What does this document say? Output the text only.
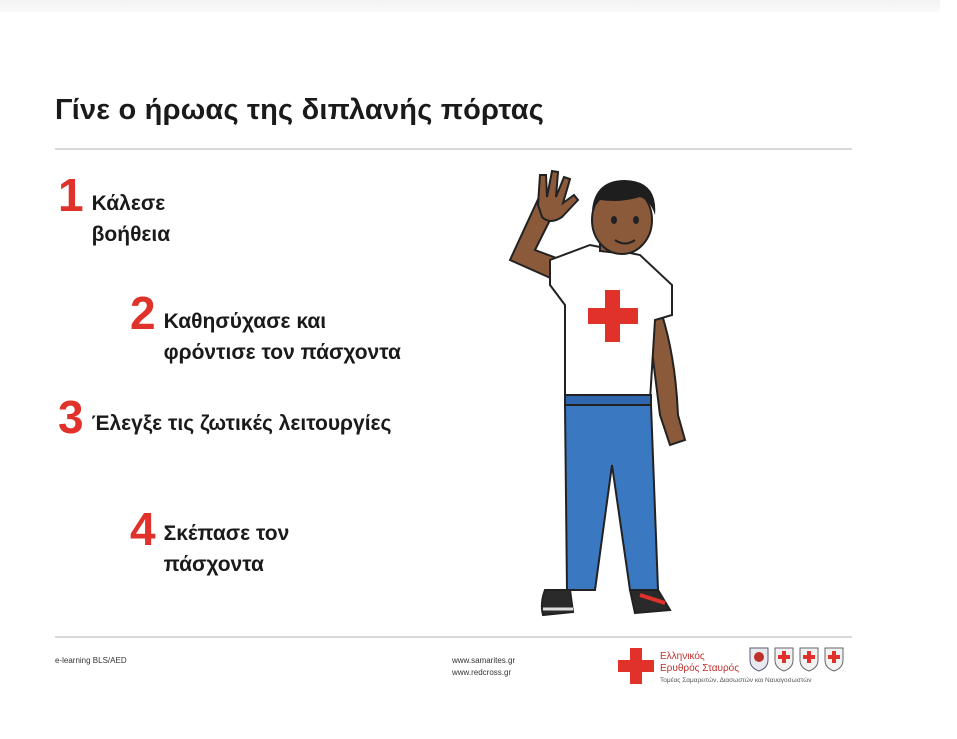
Γίνε ο ήρωας της διπλανής πόρτας
1 Κάλεσε
βοήθεια
2 Καθησύχασε και
φρόντισε τον πάσχοντα
3 Έλεγξε τις ζωτικές λειτουργίες
4 Σκέπασε τον
πάσχοντα
e-learning BLS/AED	www.samarites.gr
www.redcross.gr
Ελληνικός
Ερυθρός Σταυρός
Τομέας Σαμαρειτών, Διασωστών και Ναυαγοσωστών
